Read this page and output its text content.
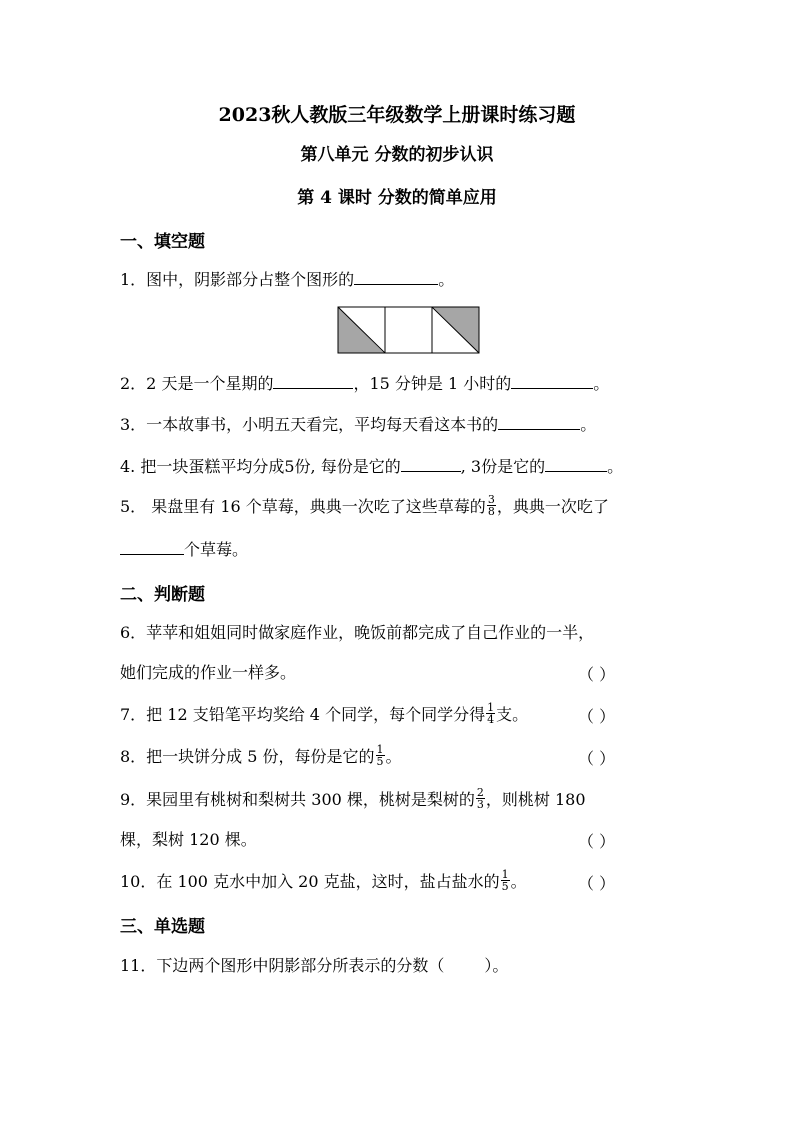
2023秋人教版三年级数学上册课时练习题
第八单元 分数的初步认识
第 4 课时 分数的简单应用
一、填空题
1．图中，阴影部分占整个图形的	。
2．2 天是一个星期的	，15 分钟是 1 小时的	。
3．一本故事书，小明五天看完，平均每天看这本书的	。
4. 把一块蛋糕平均分成5份, 每份是它的	, 3份是它的	。
5． 果盘里有 16 个草莓，典典一次吃了这些草莓的 $\frac{3}{8}$ ，典典一次吃了
个草莓。
二、判断题
6．苹苹和姐姐同时做家庭作业，晚饭前都完成了自己作业的一半，
她们完成的作业一样多。	（ ）
7．把 12 支铅笔平均奖给 4 个同学，每个同学分得 $\frac{1}{4}$ 支。	（ ）
8．把一块饼分成 5 份，每份是它的 $\frac{1}{5}$ 。	（ ）
9．果园里有桃树和梨树共 300 棵，桃树是梨树的 $\frac{2}{3}$ ，则桃树 180
棵，梨树 120 棵。	（ ）
10．在 100 克水中加入 20 克盐，这时，盐占盐水的 $\frac{1}{5}$ 。	（ ）
三、单选题
11．下边两个图形中阴影部分所表示的分数（	）。
